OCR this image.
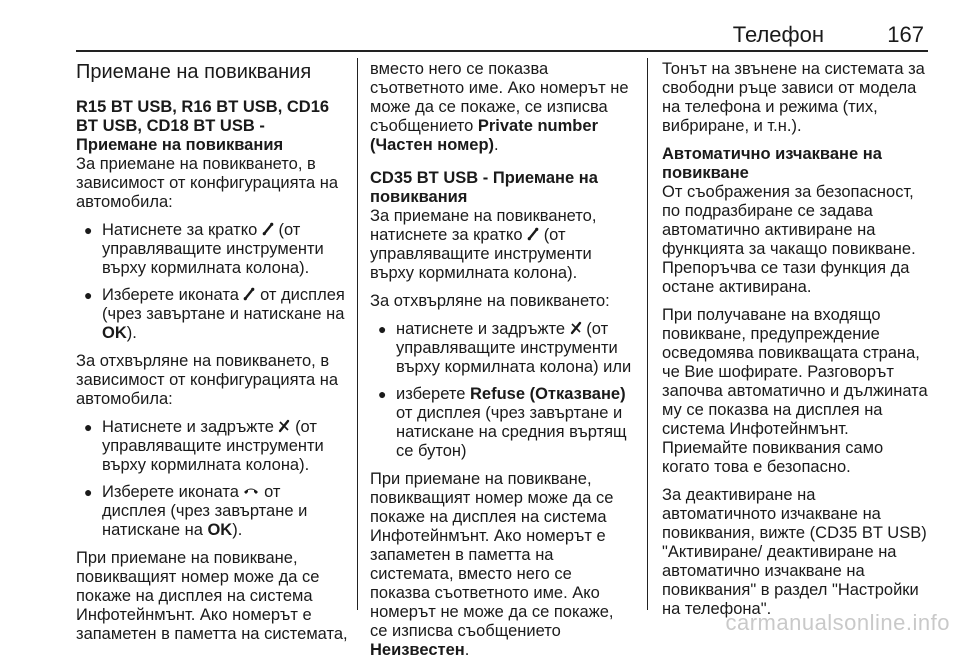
Телефон	167
Приемане на повиквания
R15 BT USB, R16 BT USB, CD16 BT USB, CD18 BT USB - Приемане на повиквания

За приемане на повикването, в зависимост от конфигурацията на автомобила:

● Натиснете за кратко (от управляващите инструменти върху кормилната колона).
● Изберете иконата от дисплея (чрез завъртане и натискане на OK).

За отхвърляне на повикването, в зависимост от конфигурацията на автомобила:

● Натиснете и задръжте (от управляващите инструменти върху кормилната колона).
● Изберете иконата от дисплея (чрез завъртане и натискане на OK).

При приемане на повикване, повикващият номер може да се покаже на дисплея на система Инфотейнмънт. Ако номерът е запаметен в паметта на системата,

вместо него се показва съответното име. Ако номерът не може да се покаже, се изписва съобщението Private number (Частен номер).

CD35 BT USB - Приемане на повиквания

За приемане на повикването, натиснете за кратко (от управляващите инструменти върху кормилната колона).

За отхвърляне на повикването:

● натиснете и задръжте (от управляващите инструменти върху кормилната колона) или
● изберете Refuse (Отказване) от дисплея (чрез завъртане и натискане на средния въртящ се бутон)

При приемане на повикване, повикващият номер може да се покаже на дисплея на система Инфотейнмънт. Ако номерът е запаметен в паметта на системата, вместо него се показва съответното име. Ако номерът не може да се покаже, се изписва съобщението Неизвестен.

Тонът на звънене на системата за свободни ръце зависи от модела на телефона и режима (тих, вибриране, и т.н.).

Автоматично изчакване на повикване

От съображения за безопасност, по подразбиране се задава автоматично активиране на функцията за чакащо повикване. Препоръчва се тази функция да остане активирана.

При получаване на входящо повикване, предупреждение осведомява повикващата страна, че Вие шофирате. Разговорът започва автоматично и дължината му се показва на дисплея на система Инфотейнмънт. Приемайте повиквания само когато това е безопасно.

За деактивиране на автоматичното изчакване на повиквания, вижте (CD35 BT USB) "Активиране/ деактивиране на автоматично изчакване на повиквания" в раздел "Настройки на телефона".

carmanualsonline.info
